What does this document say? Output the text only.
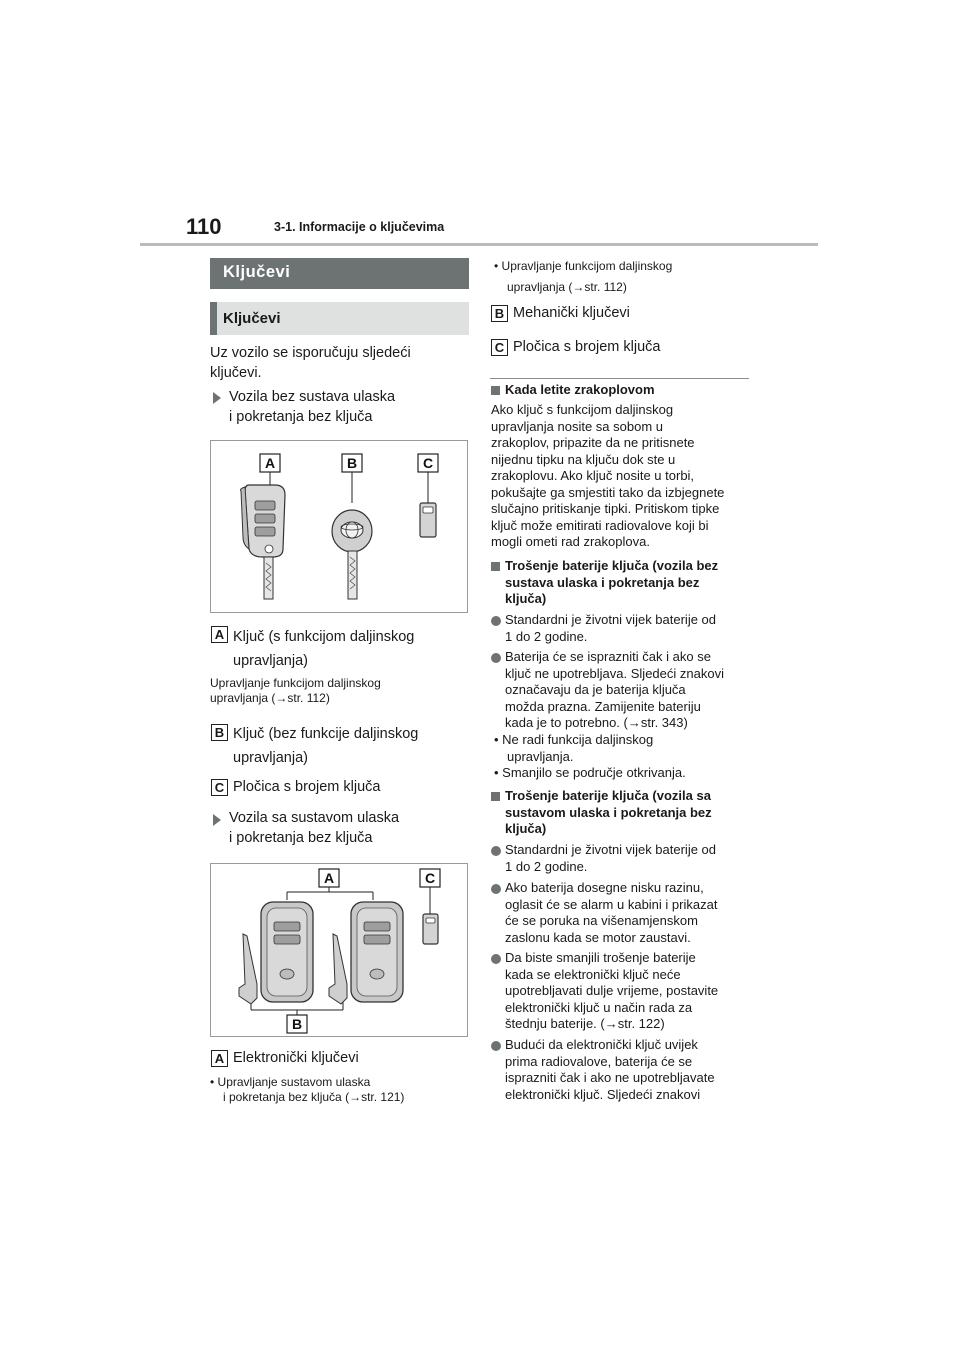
110	3-1. Informacije o ključevima
Ključevi
Ključevi
Uz vozilo se isporučuju sljedeći
ključevi.
Vozila bez sustava ulaska
i pokretanja bez ključa
A	B	C
A Ključ (s funkcijom daljinskog
upravljanja)
Upravljanje funkcijom daljinskog
upravljanja (→str. 112)
B Ključ (bez funkcije daljinskog
upravljanja)
C Pločica s brojem ključa
Vozila sa sustavom ulaska
i pokretanja bez ključa
A	C
B
A Elektronički ključevi
• Upravljanje sustavom ulaska
i pokretanja bez ključa (→str. 121)
• Upravljanje funkcijom daljinskog
upravljanja (→str. 112)
B Mehanički ključevi
C Pločica s brojem ključa
Kada letite zrakoplovom
Ako ključ s funkcijom daljinskog
upravljanja nosite sa sobom u
zrakoplov, pripazite da ne pritisnete
nijednu tipku na ključu dok ste u
zrakoplovu. Ako ključ nosite u torbi,
pokušajte ga smjestiti tako da izbjegnete
slučajno pritiskanje tipki. Pritiskom tipke
ključ može emitirati radiovalove koji bi
mogli ometi rad zrakoplova.
Trošenje baterije ključa (vozila bez
sustava ulaska i pokretanja bez
ključa)
Standardni je životni vijek baterije od
1 do 2 godine.
Baterija će se isprazniti čak i ako se
ključ ne upotrebljava. Sljedeći znakovi
označavaju da je baterija ključa
možda prazna. Zamijenite bateriju
kada je to potrebno. (→str. 343)
• Ne radi funkcija daljinskog
upravljanja.
• Smanjilo se područje otkrivanja.
Trošenje baterije ključa (vozila sa
sustavom ulaska i pokretanja bez
ključa)
Standardni je životni vijek baterije od
1 do 2 godine.
Ako baterija dosegne nisku razinu,
oglasit će se alarm u kabini i prikazat
će se poruka na višenamjenskom
zaslonu kada se motor zaustavi.
Da biste smanjili trošenje baterije
kada se elektronički ključ neće
upotrebljavati dulje vrijeme, postavite
elektronički ključ u način rada za
štednju baterije. (→str. 122)
Budući da elektronički ključ uvijek
prima radiovalove, baterija će se
isprazniti čak i ako ne upotrebljavate
elektronički ključ. Sljedeći znakovi
